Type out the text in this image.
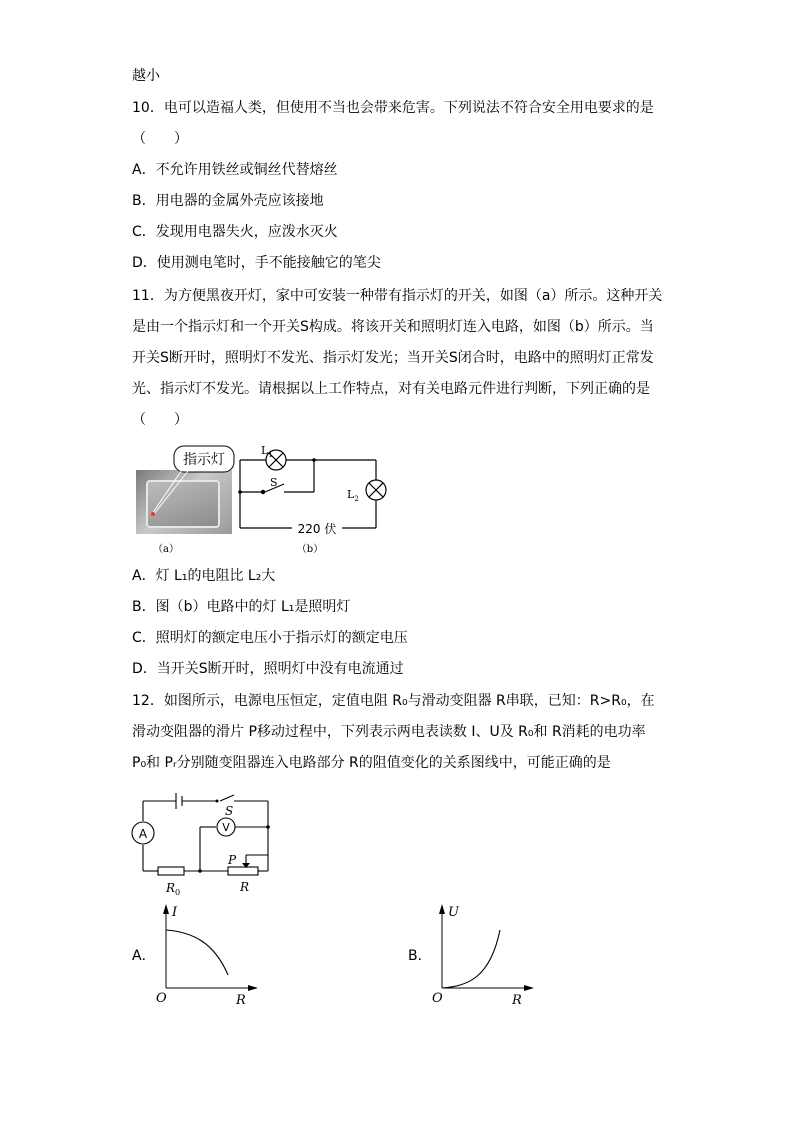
越小
10．电可以造福人类，但使用不当也会带来危害。下列说法不符合安全用电要求的是
（　　）
A．不允许用铁丝或铜丝代替熔丝
B．用电器的金属外壳应该接地
C．发现用电器失火，应泼水灭火
D．使用测电笔时，手不能接触它的笔尖
11．为方便黑夜开灯，家中可安装一种带有指示灯的开关，如图（a）所示。这种开关
是由一个指示灯和一个开关S构成。将该开关和照明灯连入电路，如图（b）所示。当
开关S断开时，照明灯不发光、指示灯发光；当开关S闭合时，电路中的照明灯正常发
光、指示灯不发光。请根据以上工作特点，对有关电路元件进行判断，下列正确的是
（　　）
指示灯
（a）
$L_1$
$L_2$
S
220 伏
（b）
A．灯 L₁的电阻比 L₂大
B．图（b）电路中的灯 L₁是照明灯
C．照明灯的额定电压小于指示灯的额定电压
D．当开关S断开时，照明灯中没有电流通过
12．如图所示，电源电压恒定，定值电阻 R₀与滑动变阻器 R串联，已知：R>R₀，在
滑动变阻器的滑片 P移动过程中，下列表示两电表读数 I、U及 R₀和 R消耗的电功率
P₀和 Pᵣ分别随变阻器连入电路部分 R的阻值变化的关系图线中，可能正确的是
A	V
S
P
$R_0$	R
A．
I
R
O
B．
U
R
O
